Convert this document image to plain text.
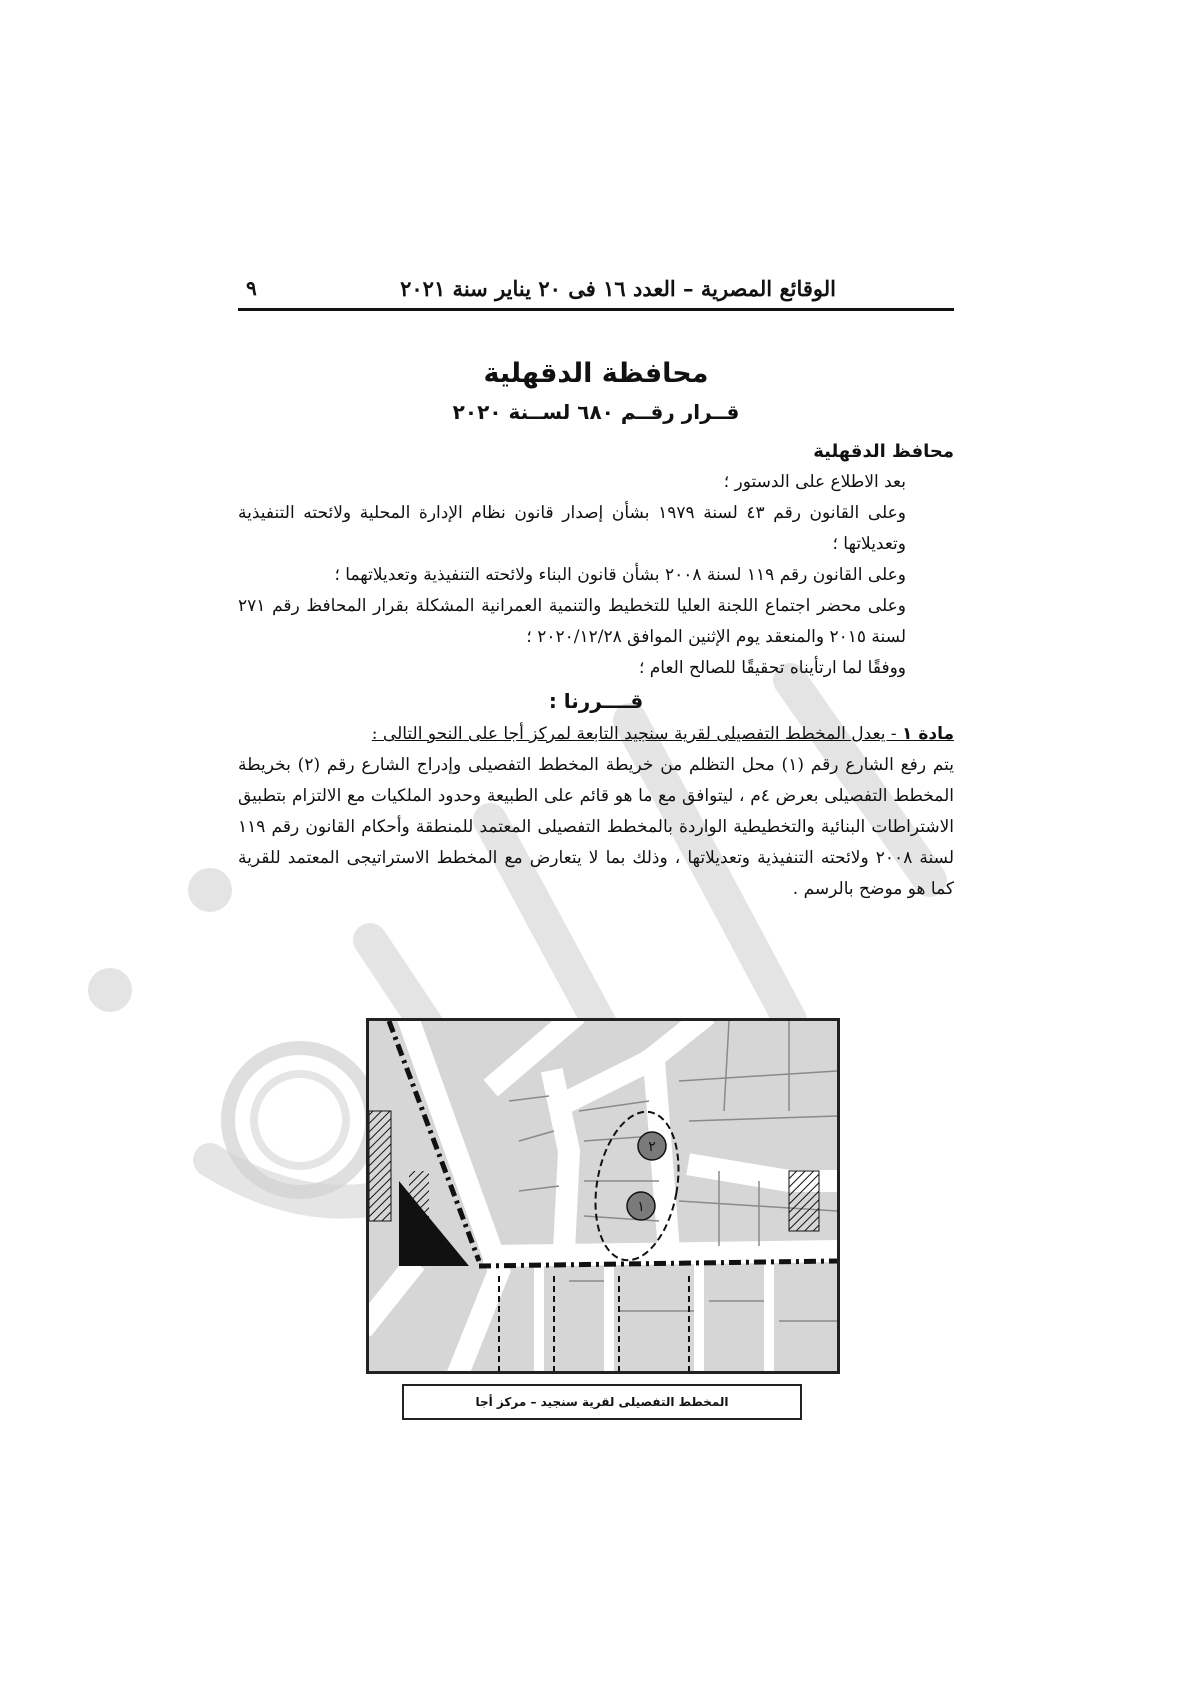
الوقائع المصرية – العدد ١٦ فى ٢٠ يناير سنة ٢٠٢١
٩
محافظة الدقهلية
قــرار رقــم ٦٨٠ لســنة ٢٠٢٠

محافظ الدقهلية

بعد الاطلاع على الدستور ؛

وعلى القانون رقم ٤٣ لسنة ١٩٧٩ بشأن إصدار قانون نظام الإدارة المحلية ولائحته التنفيذية وتعديلاتها ؛

وعلى القانون رقم ١١٩ لسنة ٢٠٠٨ بشأن قانون البناء ولائحته التنفيذية وتعديلاتهما ؛

وعلى محضر اجتماع اللجنة العليا للتخطيط والتنمية العمرانية المشكلة بقرار المحافظ رقم ٢٧١ لسنة ٢٠١٥ والمنعقد يوم الإثنين الموافق ٢٠٢٠/١٢/٢٨ ؛

ووفقًا لما ارتأيناه تحقيقًا للصالح العام ؛

قــــررنا :

مادة ١ - يعدل المخطط التفصيلى لقرية سنجيد التابعة لمركز أجا على النحو التالى :

يتم رفع الشارع رقم (١) محل التظلم من خريطة المخطط التفصيلى وإدراج الشارع رقم (٢) بخريطة المخطط التفصيلى بعرض ٤م ، ليتوافق مع ما هو قائم على الطبيعة وحدود الملكيات مع الالتزام بتطبيق الاشتراطات البنائية والتخطيطية الواردة بالمخطط التفصيلى المعتمد للمنطقة وأحكام القانون رقم ١١٩ لسنة ٢٠٠٨ ولائحته التنفيذية وتعديلاتها ، وذلك بما لا يتعارض مع المخطط الاستراتيجى المعتمد للقرية كما هو موضح بالرسم .

٢
١
المخطط التفصيلى لقرية سنجيد – مركز أجا
